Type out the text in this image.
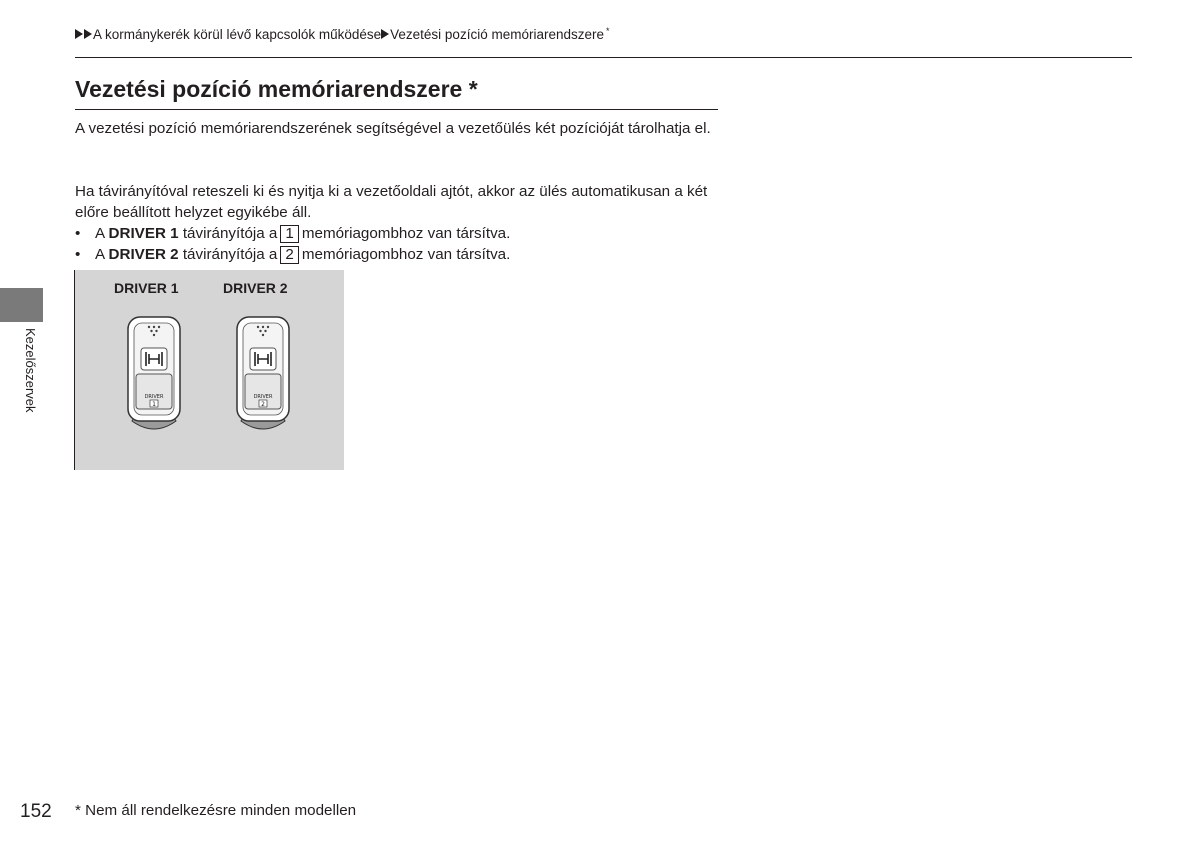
A kormánykerék körül lévő kapcsolók működése Vezetési pozíció memóriarendszere *
Vezetési pozíció memóriarendszere *

A vezetési pozíció memóriarendszerének segítségével a vezetőülés két pozícióját tárolhatja el.

Ha távirányítóval reteszeli ki és nyitja ki a vezetőoldali ajtót, akkor az ülés automatikusan a két előre beállított helyzet egyikébe áll.

• A DRIVER 1 távirányítója a 1 memóriagombhoz van társítva.
• A DRIVER 2 távirányítója a 2 memóriagombhoz van társítva.
DRIVER 1	DRIVER 2
DRIVER
1
DRIVER
2
Kezelőszervek
152 * Nem áll rendelkezésre minden modellen
